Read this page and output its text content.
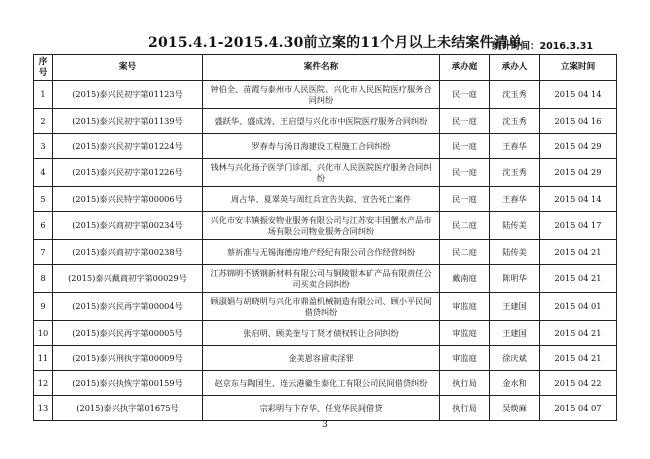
2015.4.1-2015.4.30前立案的11个月以上未结案件清单
统计时间：2016.3.31
序号	案号	案件名称	承办庭	承办人	立案时间
1	(2015)泰兴民初字第01123号	钟伯全、苗霞与泰州市人民医院、兴化市人民医院医疗服务合同纠纷	民一庭	沈玉秀	2015 04 14
2	(2015)泰兴民初字第01139号	盛跃华、盛成涛、王启望与兴化市中医院医疗服务合同纠纷	民一庭	沈玉秀	2015 04 16
3	(2015)泰兴民初字第01224号	罗春寿与汤日海建设工程施工合同纠纷	民一庭	王春华	2015 04 29
4	(2015)泰兴民初字第01226号	钱林与兴化扬子医学门诊部、兴化市人民医院医疗服务合同纠纷	民一庭	沈玉秀	2015 04 29
5	(2015)泰兴民特字第00006号	周占华、夏翠英与周红兵宣告失踪、宣告死亡案件	民一庭	王春华	2015 04 14
6	(2015)泰兴商初字第00234号	兴化市安丰镇振安物业服务有限公司与江苏安丰国蟹水产品市场有限公司物业服务合同纠纷	民二庭	陆传美	2015 04 17
7	(2015)泰兴商初字第00238号	蔡祈准与无锡海德房地产经纪有限公司合作经营纠纷	民二庭	陆传美	2015 04 21
8	(2015)泰兴戴商初字第00029号	江苏锦明不锈钢新材料有限公司与铜陵银本矿产品有限责任公司买卖合同纠纷	戴南庭	陈明华	2015 04 21
9	(2015)泰兴民再字第00004号	顾淑娟与胡晓明与兴化市鼎盈机械制造有限公司、顾小平民间借贷纠纷	审监庭	王建国	2015 04 01
10	(2015)泰兴民再字第00005号	张启明、顾美奎与丁贤才债权转让合同纠纷	审监庭	王建国	2015 04 21
11	(2015)泰兴刑执字第00009号	金美恩容留卖淫罪	审监庭	徐庆斌	2015 04 21
12	(2015)泰兴执恢字第00159号	赵京东与陶国生、连云港徽生泰化工有限公司民间借贷纠纷	执行局	金水和	2015 04 22
13	(2015)泰兴执字第01675号	宗彩明与卞存华、任党华民间借贷	执行局	吴焕麻	2015 04 07
3
